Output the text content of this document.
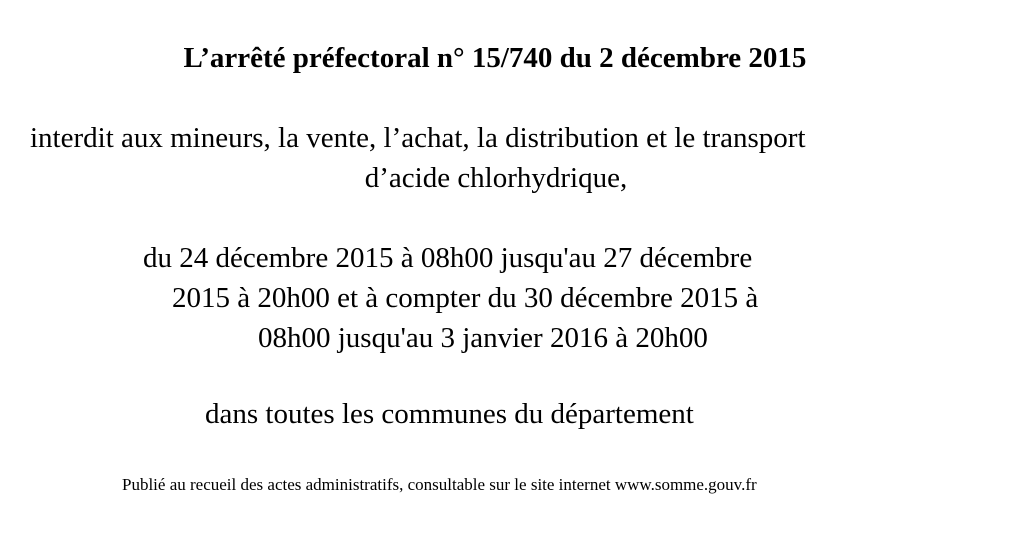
L’arrêté préfectoral n° 15/740 du 2 décembre 2015

interdit aux mineurs, la vente, l’achat, la distribution et le transport

d’acide chlorhydrique,

du 24 décembre 2015 à 08h00 jusqu'au 27 décembre

2015 à 20h00 et à compter du 30 décembre 2015 à

08h00 jusqu'au 3 janvier 2016 à 20h00

dans toutes les communes du département

Publié au recueil des actes administratifs, consultable sur le site internet www.somme.gouv.fr
